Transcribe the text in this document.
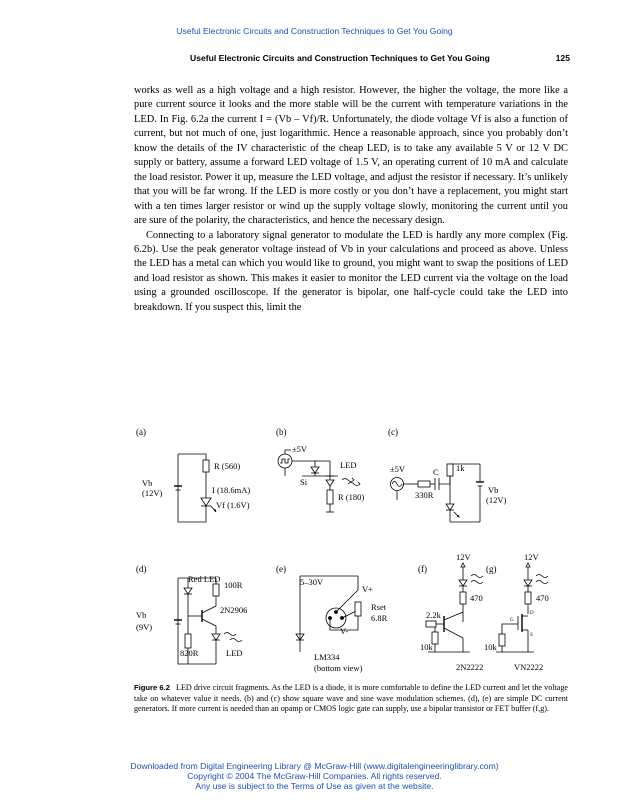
Useful Electronic Circuits and Construction Techniques to Get You Going
Useful Electronic Circuits and Construction Techniques to Get You Going	125

works as well as a high voltage and a high resistor. However, the higher the voltage, the more like a pure current source it looks and the more stable will be the current with temperature variations in the LED. In Fig. 6.2a the current I = (Vb – Vf)/R. Unfortunately, the diode voltage Vf is also a function of current, but not much of one, just logarithmic. Hence a reasonable approach, since you probably don’t know the details of the IV characteristic of the cheap LED, is to take any available 5 V or 12 V DC supply or battery, assume a forward LED voltage of 1.5 V, an operating current of 10 mA and calculate the load resistor. Power it up, measure the LED voltage, and adjust the resistor if necessary. It’s unlikely that you will be far wrong. If the LED is more costly or you don’t have a replacement, you might start with a ten times larger resistor or wind up the supply voltage slowly, monitoring the current until you are sure of the polarity, the characteristics, and hence the necessary design.

Connecting to a laboratory signal generator to modulate the LED is hardly any more complex (Fig. 6.2b). Use the peak generator voltage instead of Vb in your calculations and proceed as above. Unless the LED has a metal can which you would like to ground, you might want to swap the positions of LED and load resistor as shown. This makes it easier to monitor the LED current via the voltage on the load using a grounded oscilloscope. If the generator is bipolar, one half-cycle could take the LED into breakdown. If you suspect this, limit the

(a)
R (560)
I (18.6mA)
Vf (1.6V)
Vb
(12V)
(b)
±5V
Si
LED
R (180)
(c)
±5V	C
330R
1k
Vb
(12V)
(d)
Red LED
100R
2N2906
Vb
(9V)
820R	LED
(e)
5–30V
V+
Rset
6.8R
V-
LM334
(bottom view)
(f)
12V
470
2.2k
10k
2N2222
(g)
12V
470
10k
G
D
S
VN2222

Figure 6.2 LED drive circuit fragments. As the LED is a diode, it is more comfortable to define the LED current and let the voltage take on whatever value it needs. (b) and (c) show square wave and sine wave modulation schemes. (d), (e) are simple DC current generators. If more current is needed than an opamp or CMOS logic gate can supply, use a bipolar transistor or FET buffer (f,g).

Downloaded from Digital Engineering Library @ McGraw-Hill (www.digitalengineeringlibrary.com)
Copyright © 2004 The McGraw-Hill Companies. All rights reserved.
Any use is subject to the Terms of Use as given at the website.
